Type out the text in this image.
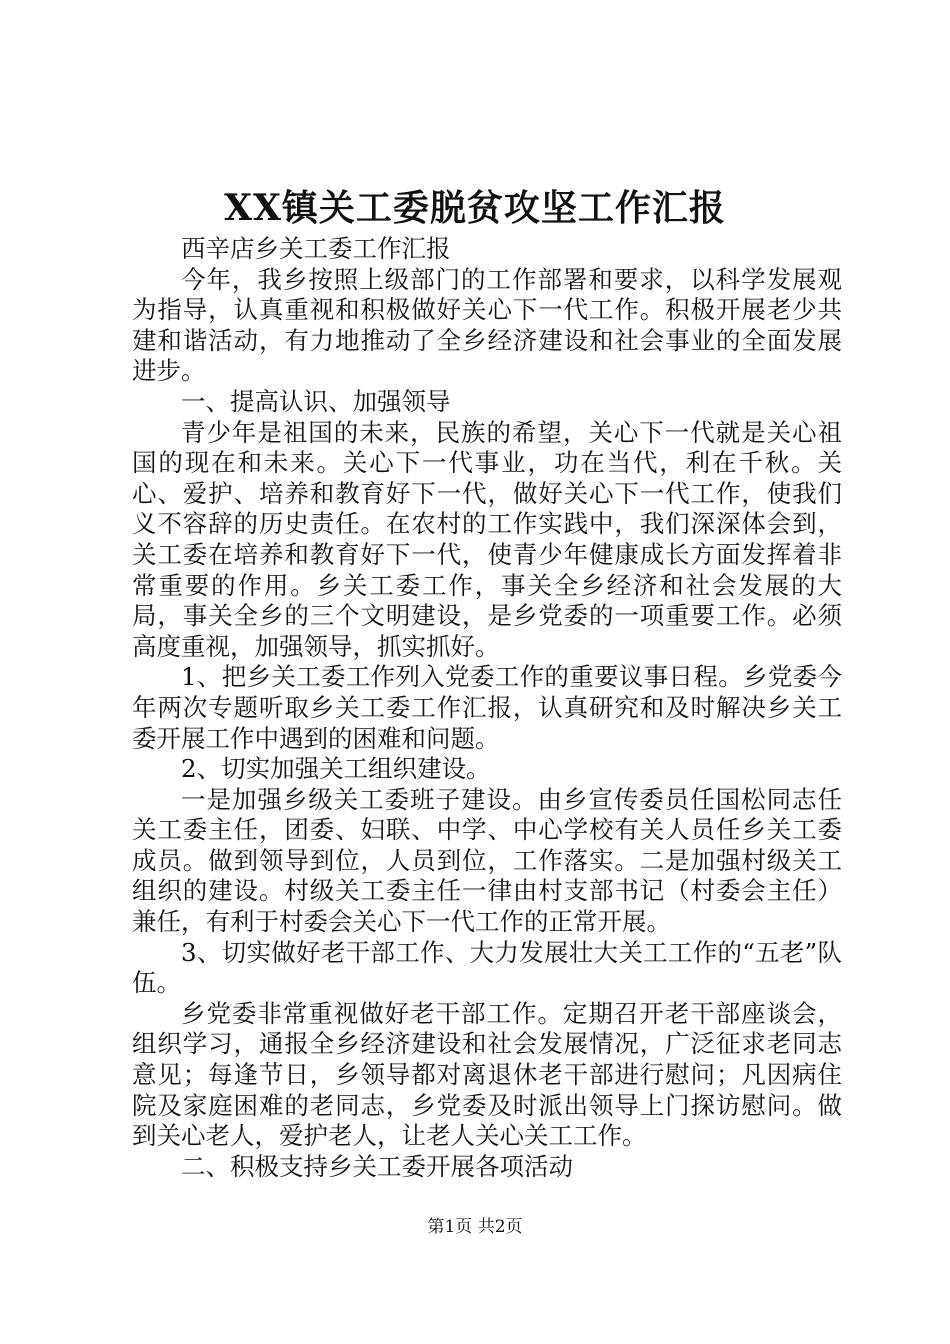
XX镇关工委脱贫攻坚工作汇报

西辛店乡关工委工作汇报

今年，我乡按照上级部门的工作部署和要求，以科学发展观为指导，认真重视和积极做好关心下一代工作。积极开展老少共建和谐活动，有力地推动了全乡经济建设和社会事业的全面发展进步。

一、提高认识、加强领导

青少年是祖国的未来，民族的希望，关心下一代就是关心祖国的现在和未来。关心下一代事业，功在当代，利在千秋。关心、爱护、培养和教育好下一代，做好关心下一代工作，使我们义不容辞的历史责任。在农村的工作实践中，我们深深体会到，关工委在培养和教育好下一代，使青少年健康成长方面发挥着非常重要的作用。乡关工委工作，事关全乡经济和社会发展的大局，事关全乡的三个文明建设，是乡党委的一项重要工作。必须高度重视，加强领导，抓实抓好。

1、把乡关工委工作列入党委工作的重要议事日程。乡党委今年两次专题听取乡关工委工作汇报，认真研究和及时解决乡关工委开展工作中遇到的困难和问题。

2、切实加强关工组织建设。

一是加强乡级关工委班子建设。由乡宣传委员任国松同志任关工委主任，团委、妇联、中学、中心学校有关人员任乡关工委成员。做到领导到位，人员到位，工作落实。二是加强村级关工组织的建设。村级关工委主任一律由村支部书记（村委会主任）兼任，有利于村委会关心下一代工作的正常开展。

3、切实做好老干部工作、大力发展壮大关工工作的“五老”队伍。

乡党委非常重视做好老干部工作。定期召开老干部座谈会，组织学习，通报全乡经济建设和社会发展情况，广泛征求老同志意见；每逢节日，乡领导都对离退休老干部进行慰问；凡因病住院及家庭困难的老同志，乡党委及时派出领导上门探访慰问。做到关心老人，爱护老人，让老人关心关工工作。

二、积极支持乡关工委开展各项活动

第1页 共2页
